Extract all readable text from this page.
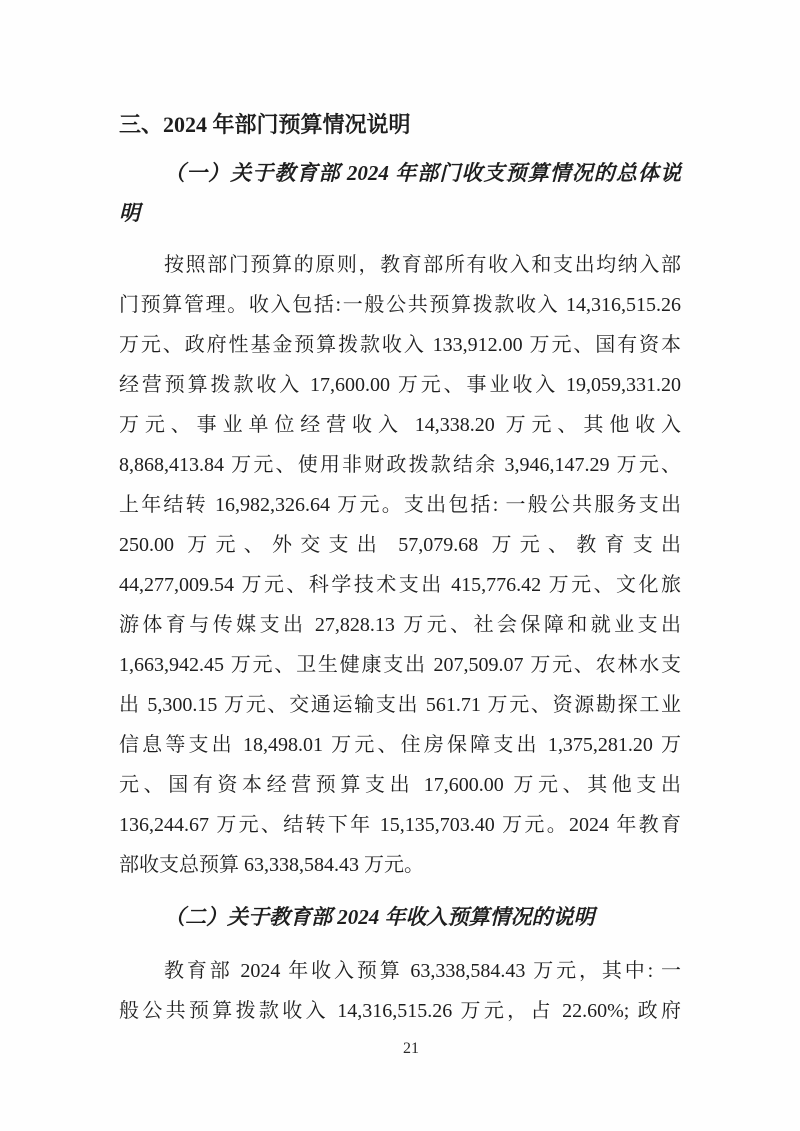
三、2024 年部门预算情况说明
（一）关于教育部 2024 年部门收支预算情况的总体说
明
按照部门预算的原则，教育部所有收入和支出均纳入部
门预算管理。收入包括:一般公共预算拨款收入 14,316,515.26
万元、政府性基金预算拨款收入 133,912.00 万元、国有资本
经营预算拨款收入 17,600.00 万元、事业收入 19,059,331.20
万元、事业单位经营收入 14,338.20 万元、其他收入
8,868,413.84 万元、使用非财政拨款结余 3,946,147.29 万元、
上年结转 16,982,326.64 万元。支出包括: 一般公共服务支出
250.00 万元、外交支出 57,079.68 万元、教育支出
44,277,009.54 万元、科学技术支出 415,776.42 万元、文化旅
游体育与传媒支出 27,828.13 万元、社会保障和就业支出
1,663,942.45 万元、卫生健康支出 207,509.07 万元、农林水支
出 5,300.15 万元、交通运输支出 561.71 万元、资源勘探工业
信息等支出 18,498.01 万元、住房保障支出 1,375,281.20 万
元、国有资本经营预算支出 17,600.00 万元、其他支出
136,244.67 万元、结转下年 15,135,703.40 万元。2024 年教育
部收支总预算 63,338,584.43 万元。
（二）关于教育部 2024 年收入预算情况的说明
教育部 2024 年收入预算 63,338,584.43 万元，其中: 一
般公共预算拨款收入 14,316,515.26 万元，占 22.60%; 政府
21
